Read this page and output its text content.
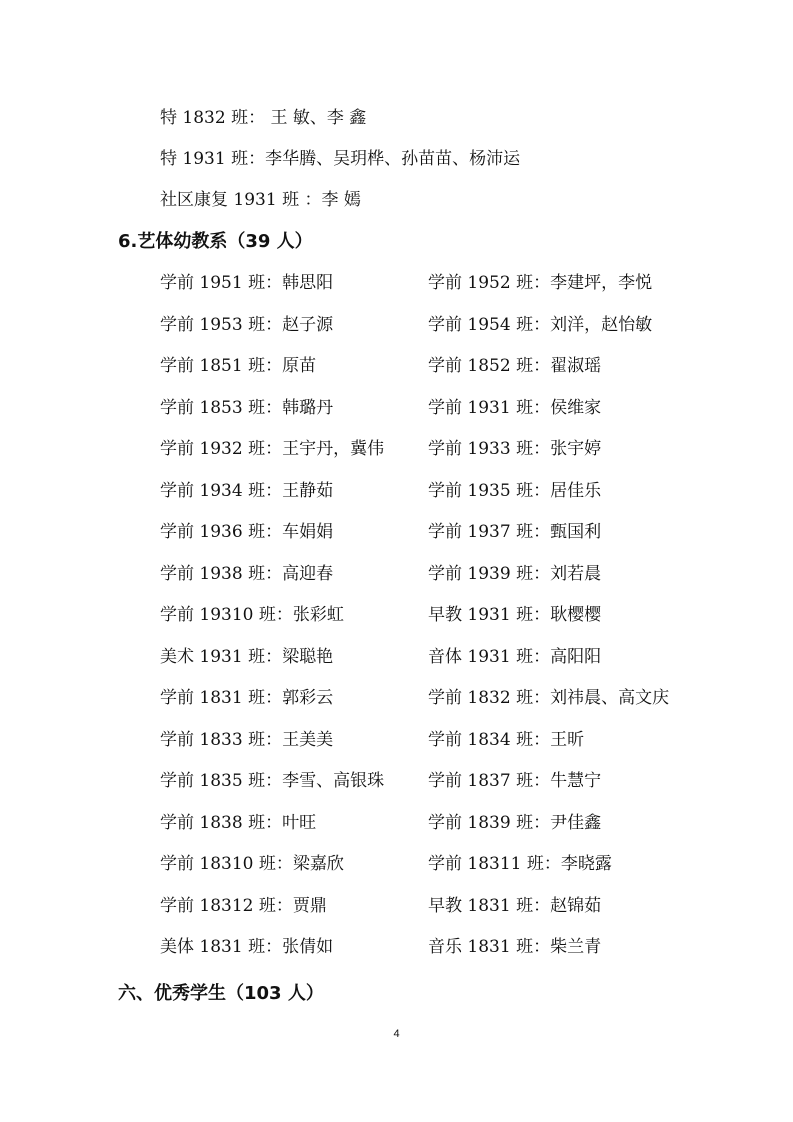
特 1832 班： 王 敏、李 鑫
特 1931 班：李华腾、吴玥桦、孙苗苗、杨沛运
社区康复 1931 班 ：李 嫣
6.艺体幼教系（39 人）
学前 1951 班：韩思阳	学前 1952 班：李建坪，李悦
学前 1953 班：赵子源	学前 1954 班：刘洋，赵怡敏
学前 1851 班：原苗	学前 1852 班：翟淑瑶
学前 1853 班：韩璐丹	学前 1931 班：侯维家
学前 1932 班：王宇丹，冀伟	学前 1933 班：张宇婷
学前 1934 班：王静茹	学前 1935 班：居佳乐
学前 1936 班：车娟娟	学前 1937 班：甄国利
学前 1938 班：高迎春	学前 1939 班：刘若晨
学前 19310 班：张彩虹	早教 1931 班：耿樱樱
美术 1931 班：梁聪艳	音体 1931 班：高阳阳
学前 1831 班：郭彩云	学前 1832 班：刘祎晨、高文庆
学前 1833 班：王美美	学前 1834 班：王昕
学前 1835 班：李雪、高银珠	学前 1837 班：牛慧宁
学前 1838 班：叶旺	学前 1839 班：尹佳鑫
学前 18310 班：梁嘉欣	学前 18311 班：李晓露
学前 18312 班：贾鼎	早教 1831 班：赵锦茹
美体 1831 班：张倩如	音乐 1831 班：柴兰青
六、优秀学生（103 人）
4
